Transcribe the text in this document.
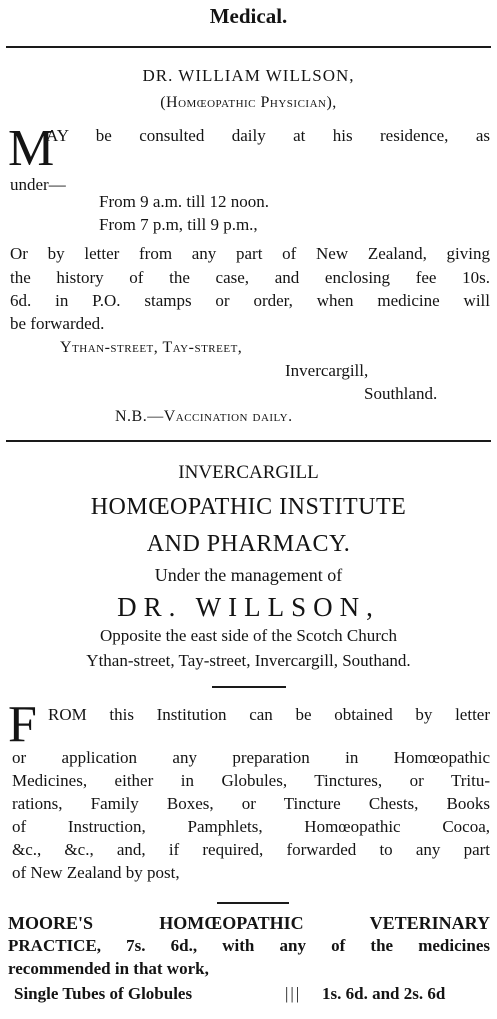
Medical.
DR. WILLIAM WILLSON,
(Homœopathic Physician),
M
AY be consulted daily at his residence, as
under—
From 9 a.m. till 12 noon.
From 7 p.m, till 9 p.m.,
Or by letter from any part of New Zealand, giving
the history of the case, and enclosing fee 10s.
6d. in P.O. stamps or order, when medicine will
be forwarded.
Ythan-street, Tay-street,
Invercargill,
Southland.
N.B.—Vaccination daily.
INVERCARGILL
HOMŒOPATHIC INSTITUTE
AND PHARMACY.
Under the management of
DR. WILLSON,
Opposite the east side of the Scotch Church
Ythan-street, Tay-street, Invercargill, Southand.
F ROM this Institution can be obtained by letter
or application any preparation in Homœopathic
Medicines, either in Globules, Tinctures, or Tritu-
rations, Family Boxes, or Tincture Chests, Books
of Instruction, Pamphlets, Homœopathic Cocoa,
&c., &c., and, if required, forwarded to any part
of New Zealand by post,
MOORE'S HOMŒOPATHIC VETERINARY
PRACTICE, 7s. 6d., with any of the medicines
recommended in that work,
Single Tubes of Globules	||| 1s. 6d. and 2s. 6d
